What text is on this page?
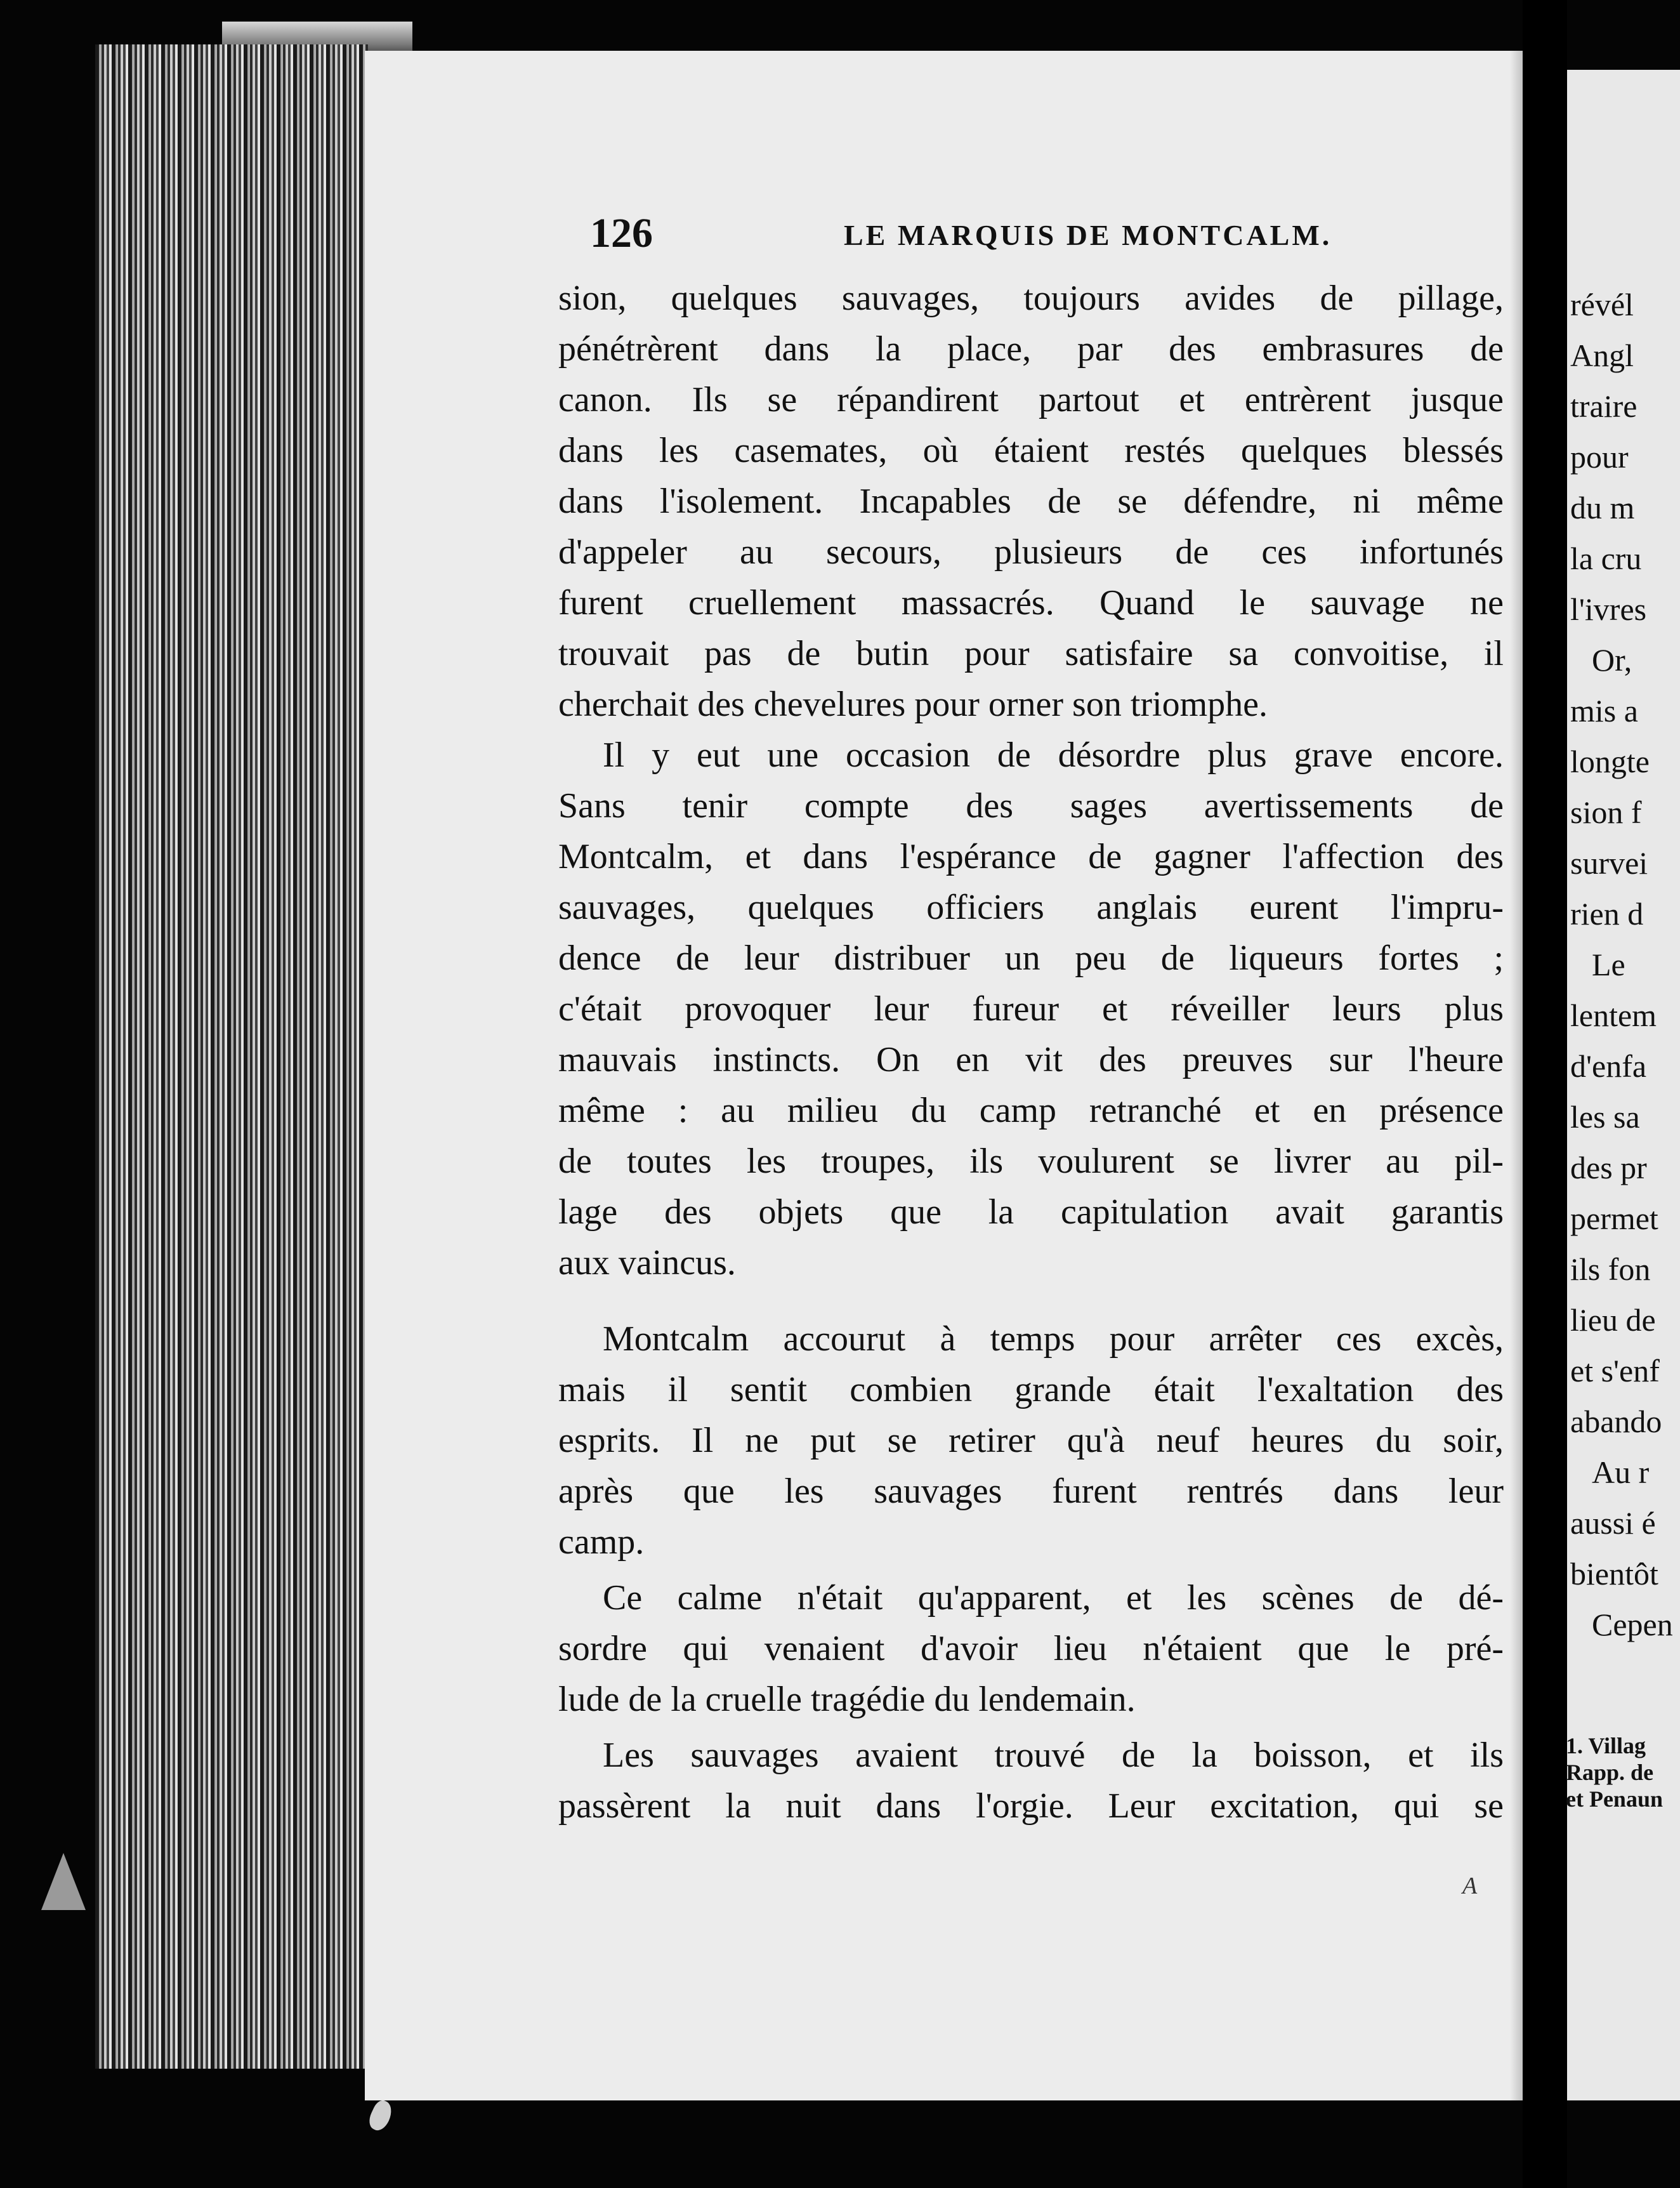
126	LE MARQUIS DE MONTCALM.
sion, quelques sauvages, toujours avides de pillage,
pénétrèrent dans la place, par des embrasures de
canon. Ils se répandirent partout et entrèrent jusque
dans les casemates, où étaient restés quelques blessés
dans l'isolement. Incapables de se défendre, ni même
d'appeler au secours, plusieurs de ces infortunés
furent cruellement massacrés. Quand le sauvage ne
trouvait pas de butin pour satisfaire sa convoitise, il
cherchait des chevelures pour orner son triomphe.
Il y eut une occasion de désordre plus grave encore.
Sans tenir compte des sages avertissements de
Montcalm, et dans l'espérance de gagner l'affection des
sauvages, quelques officiers anglais eurent l'impru-
dence de leur distribuer un peu de liqueurs fortes ;
c'était provoquer leur fureur et réveiller leurs plus
mauvais instincts. On en vit des preuves sur l'heure
même : au milieu du camp retranché et en présence
de toutes les troupes, ils voulurent se livrer au pil-
lage des objets que la capitulation avait garantis
aux vaincus.
Montcalm accourut à temps pour arrêter ces excès,
mais il sentit combien grande était l'exaltation des
esprits. Il ne put se retirer qu'à neuf heures du soir,
après que les sauvages furent rentrés dans leur
camp.
Ce calme n'était qu'apparent, et les scènes de dé-
sordre qui venaient d'avoir lieu n'étaient que le pré-
lude de la cruelle tragédie du lendemain.
Les sauvages avaient trouvé de la boisson, et ils
passèrent la nuit dans l'orgie. Leur excitation, qui se
révél
Angl
traire
pour
du m
la cru
l'ivres
Or,
mis a
longte
sion f
survei
rien d
Le
lentem
d'enfa
les sa
des pr
permet
ils fon
lieu de
et s'enf
abando
Au r
aussi é
bientôt
Cepen
1. Villag
Rapp. de
et Penaun
A
